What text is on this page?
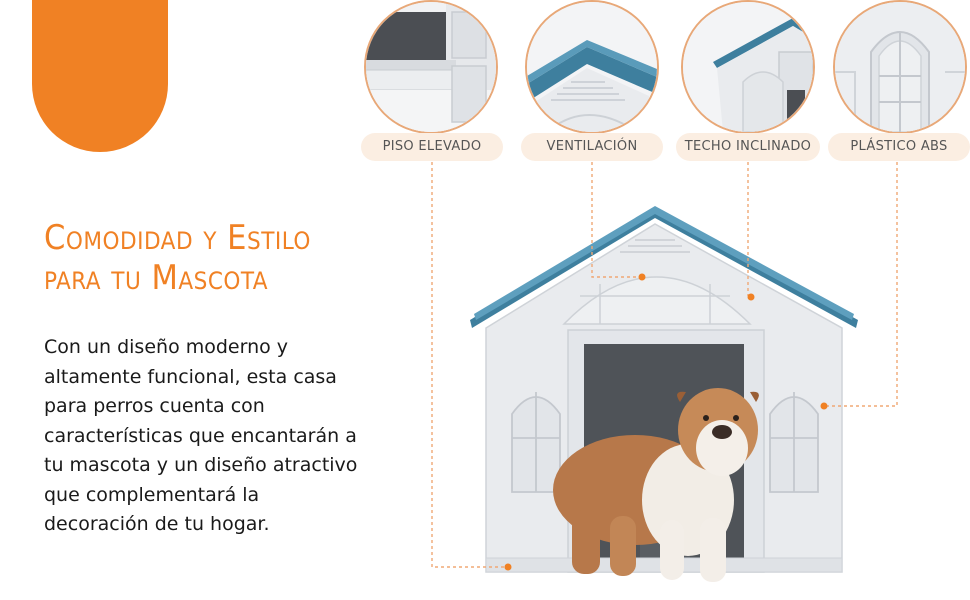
Comodidad y Estilo
para tu Mascota

Con un diseño moderno y altamente funcional, esta casa para perros cuenta con características que encantarán a tu mascota y un diseño atractivo que complementará la decoración de tu hogar.

PISO ELEVADO	VENTILACIÓN	TECHO INCLINADO	PLÁSTICO ABS
